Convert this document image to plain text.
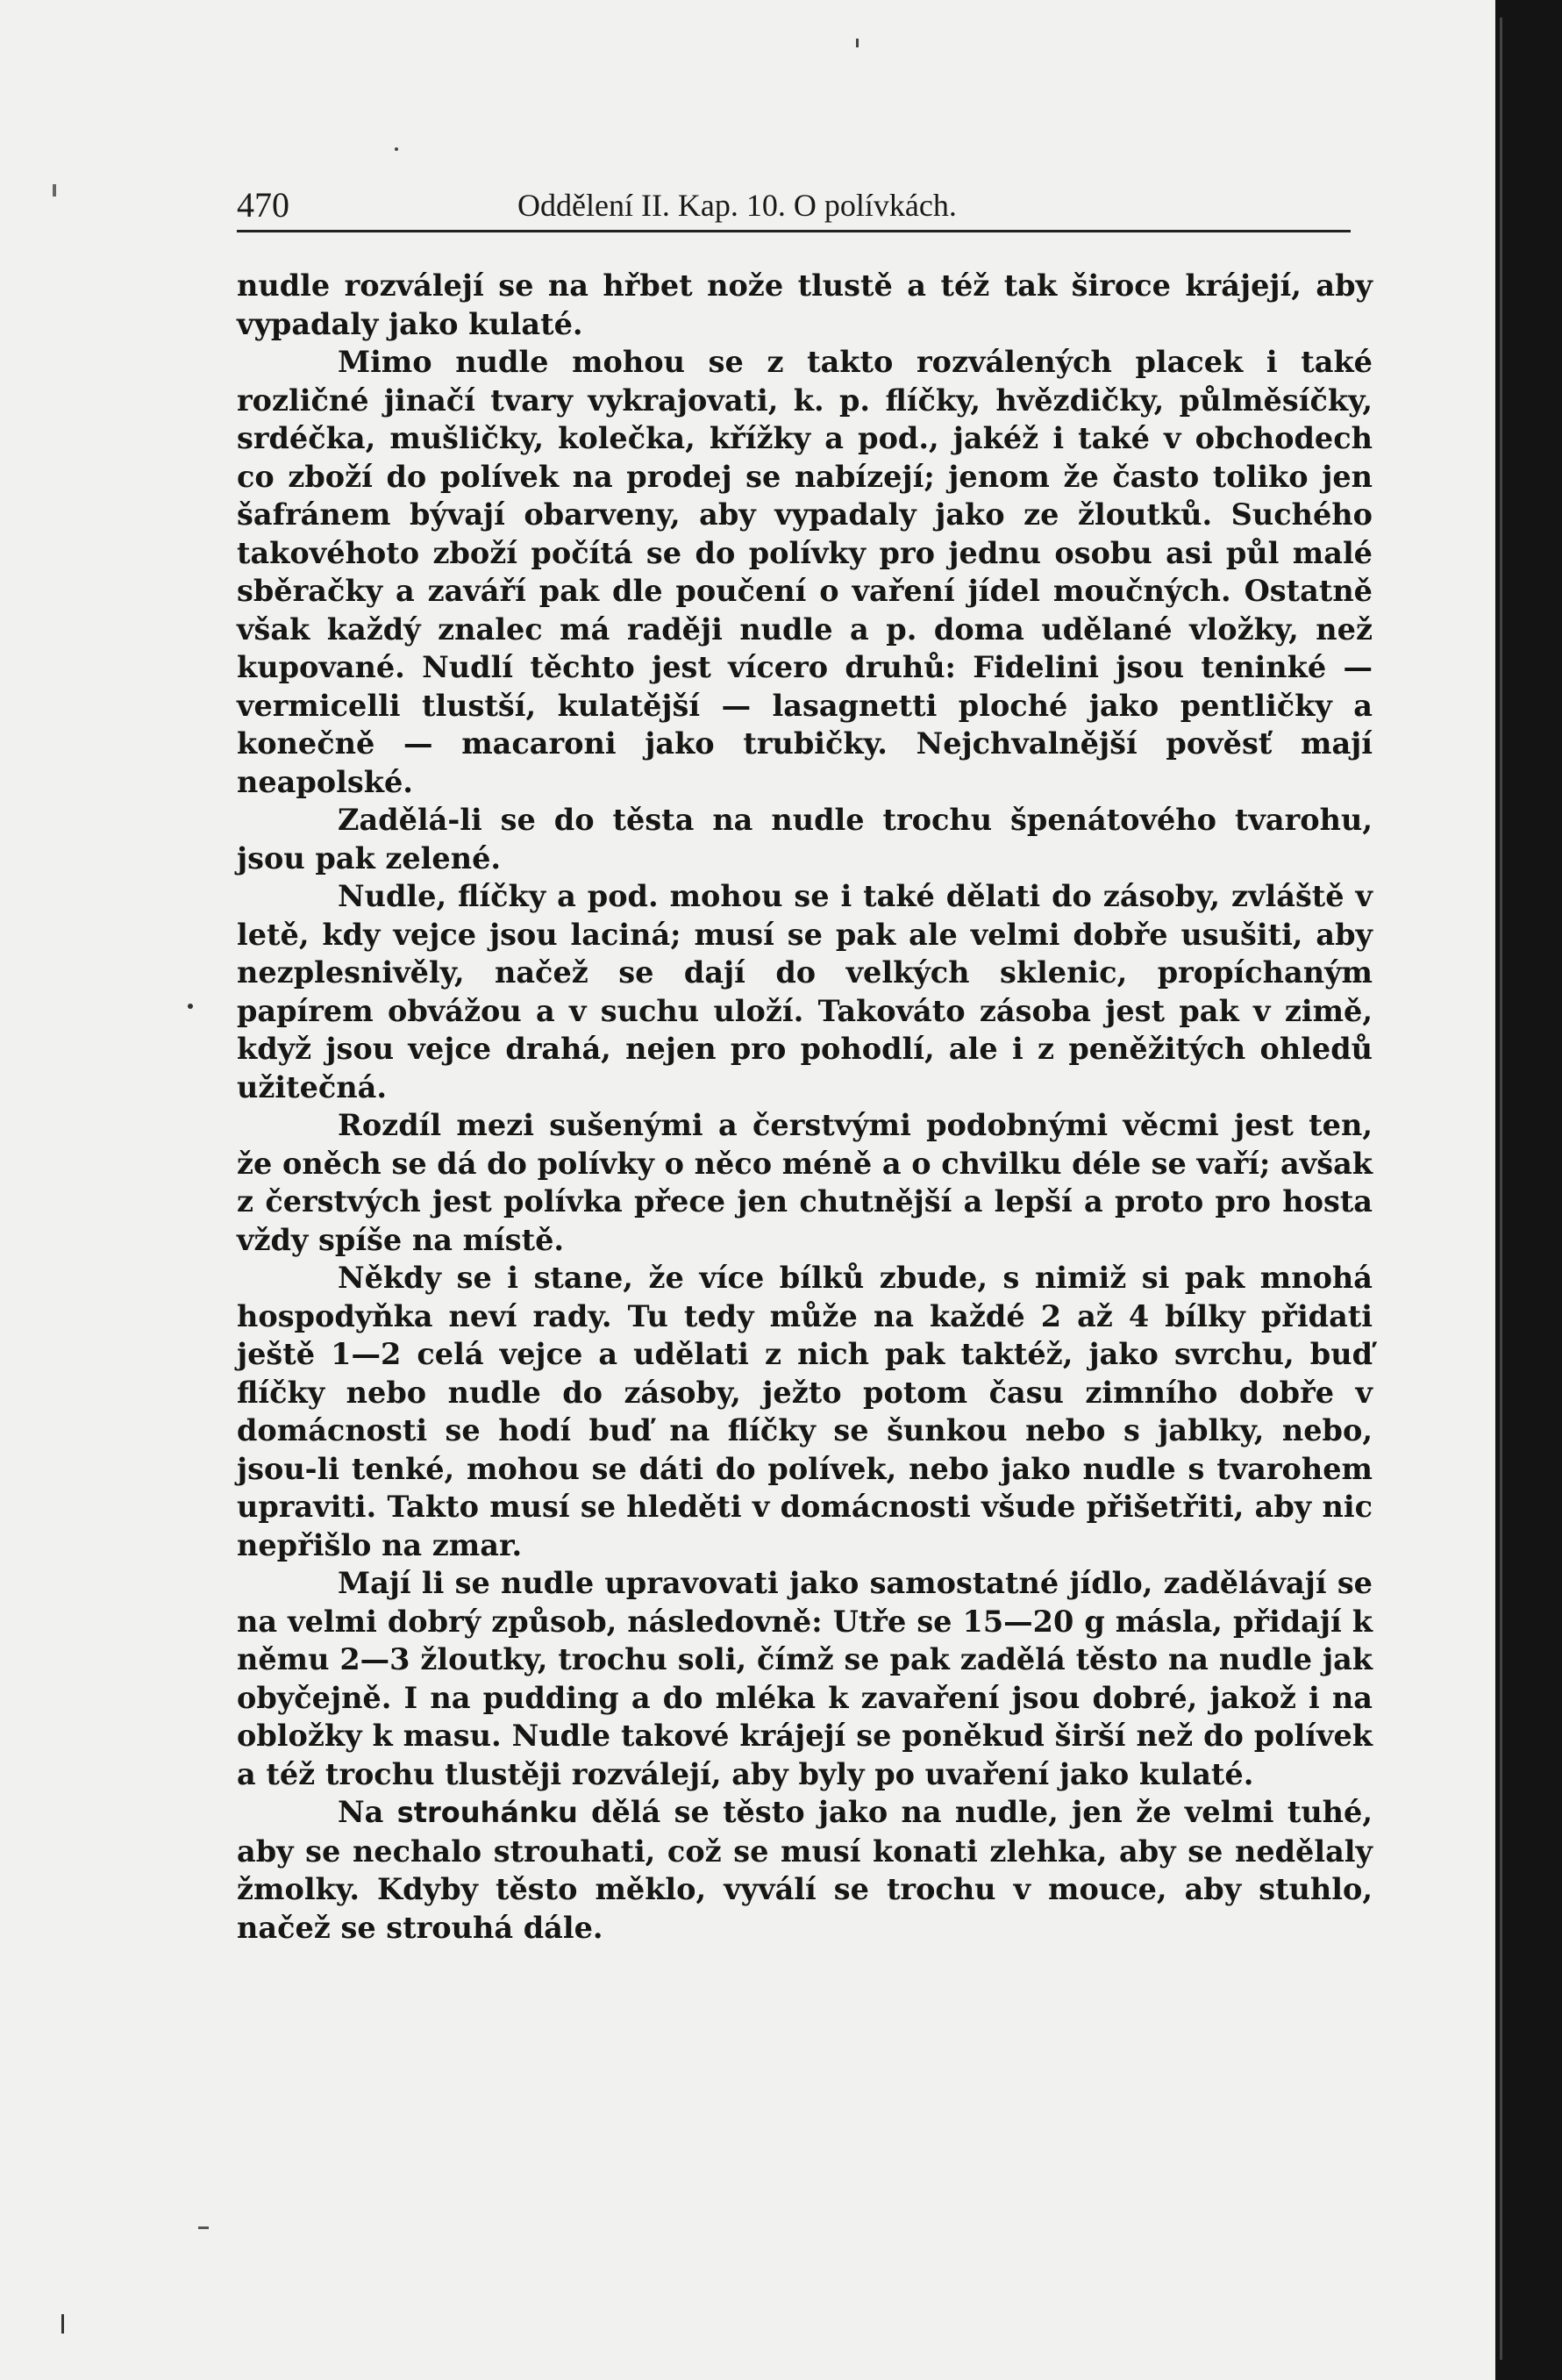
470	Oddělení II. Kap. 10. O polívkách.

nudle rozválejí se na hřbet nože tlustě a též tak široce krájejí, aby vypadaly jako kulaté.

Mimo nudle mohou se z takto rozválených placek i také rozličné jinačí tvary vykrajovati, k. p. flíčky, hvězdičky, půlměsíčky, srdéčka, mušličky, kolečka, křížky a pod., jakéž i také v obchodech co zboží do polívek na prodej se nabízejí; jenom že často toliko jen šafránem bývají obarveny, aby vypadaly jako ze žloutků. Suchého takovéhoto zboží počítá se do polívky pro jednu osobu asi půl malé sběračky a zaváří pak dle poučení o vaření jídel moučných. Ostatně však každý znalec má raději nudle a p. doma udělané vložky, než kupované. Nudlí těchto jest vícero druhů: Fidelini jsou teninké — vermicelli tlustší, kulatější — lasagnetti ploché jako pentličky a konečně — macaroni jako trubičky. Nejchvalnější pověsť mají neapolské.

Zadělá-li se do těsta na nudle trochu špenátového tvarohu, jsou pak zelené.

Nudle, flíčky a pod. mohou se i také dělati do zásoby, zvláště v letě, kdy vejce jsou laciná; musí se pak ale velmi dobře usušiti, aby nezplesnivěly, načež se dají do velkých sklenic, propíchaným papírem obvážou a v suchu uloží. Takováto zásoba jest pak v zimě, když jsou vejce drahá, nejen pro pohodlí, ale i z peněžitých ohledů užitečná.

Rozdíl mezi sušenými a čerstvými podobnými věcmi jest ten, že oněch se dá do polívky o něco méně a o chvilku déle se vaří; avšak z čerstvých jest polívka přece jen chutnější a lepší a proto pro hosta vždy spíše na místě.

Někdy se i stane, že více bílků zbude, s nimiž si pak mnohá hospodyňka neví rady. Tu tedy může na každé 2 až 4 bílky přidati ještě 1—2 celá vejce a udělati z nich pak taktéž, jako svrchu, buď flíčky nebo nudle do zásoby, ježto potom času zimního dobře v domácnosti se hodí buď na flíčky se šunkou nebo s jablky, nebo, jsou-li tenké, mohou se dáti do polívek, nebo jako nudle s tvarohem upraviti. Takto musí se hleděti v domácnosti všude přišetřiti, aby nic nepřišlo na zmar.

Mají li se nudle upravovati jako samostatné jídlo, zadělávají se na velmi dobrý způsob, následovně: Utře se 15—20 g másla, přidají k němu 2—3 žloutky, trochu soli, čímž se pak zadělá těsto na nudle jak obyčejně. I na pudding a do mléka k zavaření jsou dobré, jakož i na obložky k masu. Nudle takové krájejí se poněkud širší než do polívek a též trochu tlustěji rozválejí, aby byly po uvaření jako kulaté.

Na strouhánku dělá se těsto jako na nudle, jen že velmi tuhé, aby se nechalo strouhati, což se musí konati zlehka, aby se nedělaly žmolky. Kdyby těsto měklo, vyválí se trochu v mouce, aby stuhlo, načež se strouhá dále.
